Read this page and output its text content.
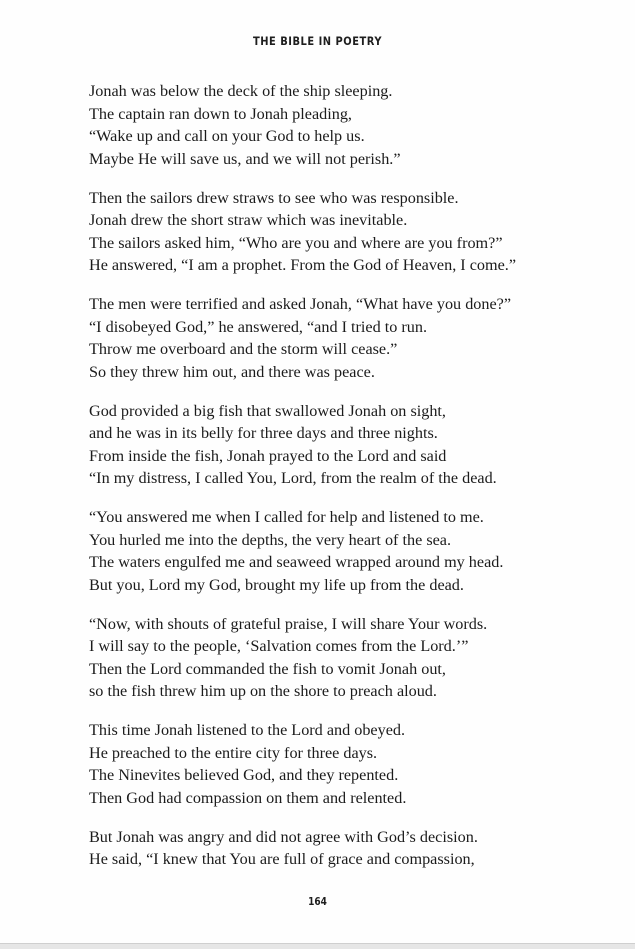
THE BIBLE IN POETRY
Jonah was below the deck of the ship sleeping.
The captain ran down to Jonah pleading,
“Wake up and call on your God to help us.
Maybe He will save us, and we will not perish.”
Then the sailors drew straws to see who was responsible.
Jonah drew the short straw which was inevitable.
The sailors asked him, “Who are you and where are you from?”
He answered, “I am a prophet. From the God of Heaven, I come.”
The men were terrified and asked Jonah, “What have you done?”
“I disobeyed God,” he answered, “and I tried to run.
Throw me overboard and the storm will cease.”
So they threw him out, and there was peace.
God provided a big fish that swallowed Jonah on sight,
and he was in its belly for three days and three nights.
From inside the fish, Jonah prayed to the Lord and said
“In my distress, I called You, Lord, from the realm of the dead.
“You answered me when I called for help and listened to me.
You hurled me into the depths, the very heart of the sea.
The waters engulfed me and seaweed wrapped around my head.
But you, Lord my God, brought my life up from the dead.
“Now, with shouts of grateful praise, I will share Your words.
I will say to the people, ‘Salvation comes from the Lord.’”
Then the Lord commanded the fish to vomit Jonah out,
so the fish threw him up on the shore to preach aloud.
This time Jonah listened to the Lord and obeyed.
He preached to the entire city for three days.
The Ninevites believed God, and they repented.
Then God had compassion on them and relented.
But Jonah was angry and did not agree with God’s decision.
He said, “I knew that You are full of grace and compassion,
164
